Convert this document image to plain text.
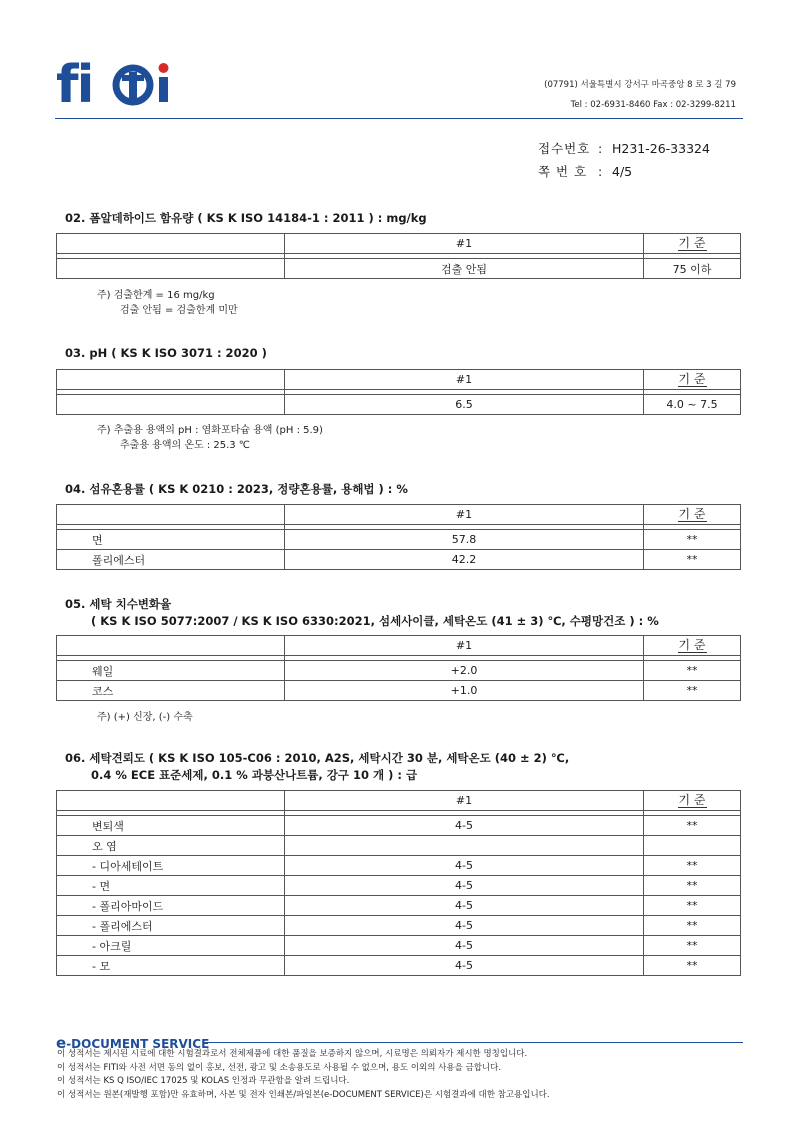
fi	(07791) 서울특별시 강서구 마곡중앙 8 로 3 길 79
Tel : 02-6931-8460 Fax : 02-3299-8211
접수번호 : H231-26-33324
쪽 번 호 : 4/5
02. 폼알데하이드 함유량 ( KS K ISO 14184-1 : 2011 ) : mg/kg
	#1	기 준

	검출 안됨	75 이하
주) 검출한계 = 16 mg/kg
검출 안됨 = 검출한계 미만
03. pH ( KS K ISO 3071 : 2020 )
	#1	기 준

	6.5	4.0 ~ 7.5
주) 추출용 용액의 pH : 염화포타슘 용액 (pH : 5.9)
추출용 용액의 온도 : 25.3 ℃
04. 섬유혼용률 ( KS K 0210 : 2023, 정량혼용률, 용해법 ) : %
	#1	기 준

면	57.8	**
폴리에스터	42.2	**
05. 세탁 치수변화율
( KS K ISO 5077:2007 / KS K ISO 6330:2021, 섬세사이클, 세탁온도 (41 ± 3) ℃, 수평망건조 ) : %
	#1	기 준

웨일	+2.0	**
코스	+1.0	**
주) (+) 신장, (-) 수축
06. 세탁견뢰도 ( KS K ISO 105-C06 : 2010, A2S, 세탁시간 30 분, 세탁온도 (40 ± 2) ℃,
0.4 % ECE 표준세제, 0.1 % 과붕산나트륨, 강구 10 개 ) : 급
	#1	기 준

변퇴색	4-5	**
오 염		
- 디아세테이트	4-5	**
- 면	4-5	**
- 폴리아마이드	4-5	**
- 폴리에스터	4-5	**
- 아크릴	4-5	**
- 모	4-5	**
e-DOCUMENT SERVICE
이 성적서는 제시된 시료에 대한 시험결과로서 전체제품에 대한 품질을 보증하지 않으며, 시료명은 의뢰자가 제시한 명칭입니다.
이 성적서는 FITI와 사전 서면 동의 없이 홍보, 선전, 광고 및 소송용도로 사용될 수 없으며, 용도 이외의 사용을 금합니다.
이 성적서는 KS Q ISO/IEC 17025 및 KOLAS 인정과 무관함을 알려 드립니다.
이 성적서는 원본(재발행 포함)만 유효하며, 사본 및 전자 인쇄본/파일본(e-DOCUMENT SERVICE)은 시험결과에 대한 참고용입니다.
